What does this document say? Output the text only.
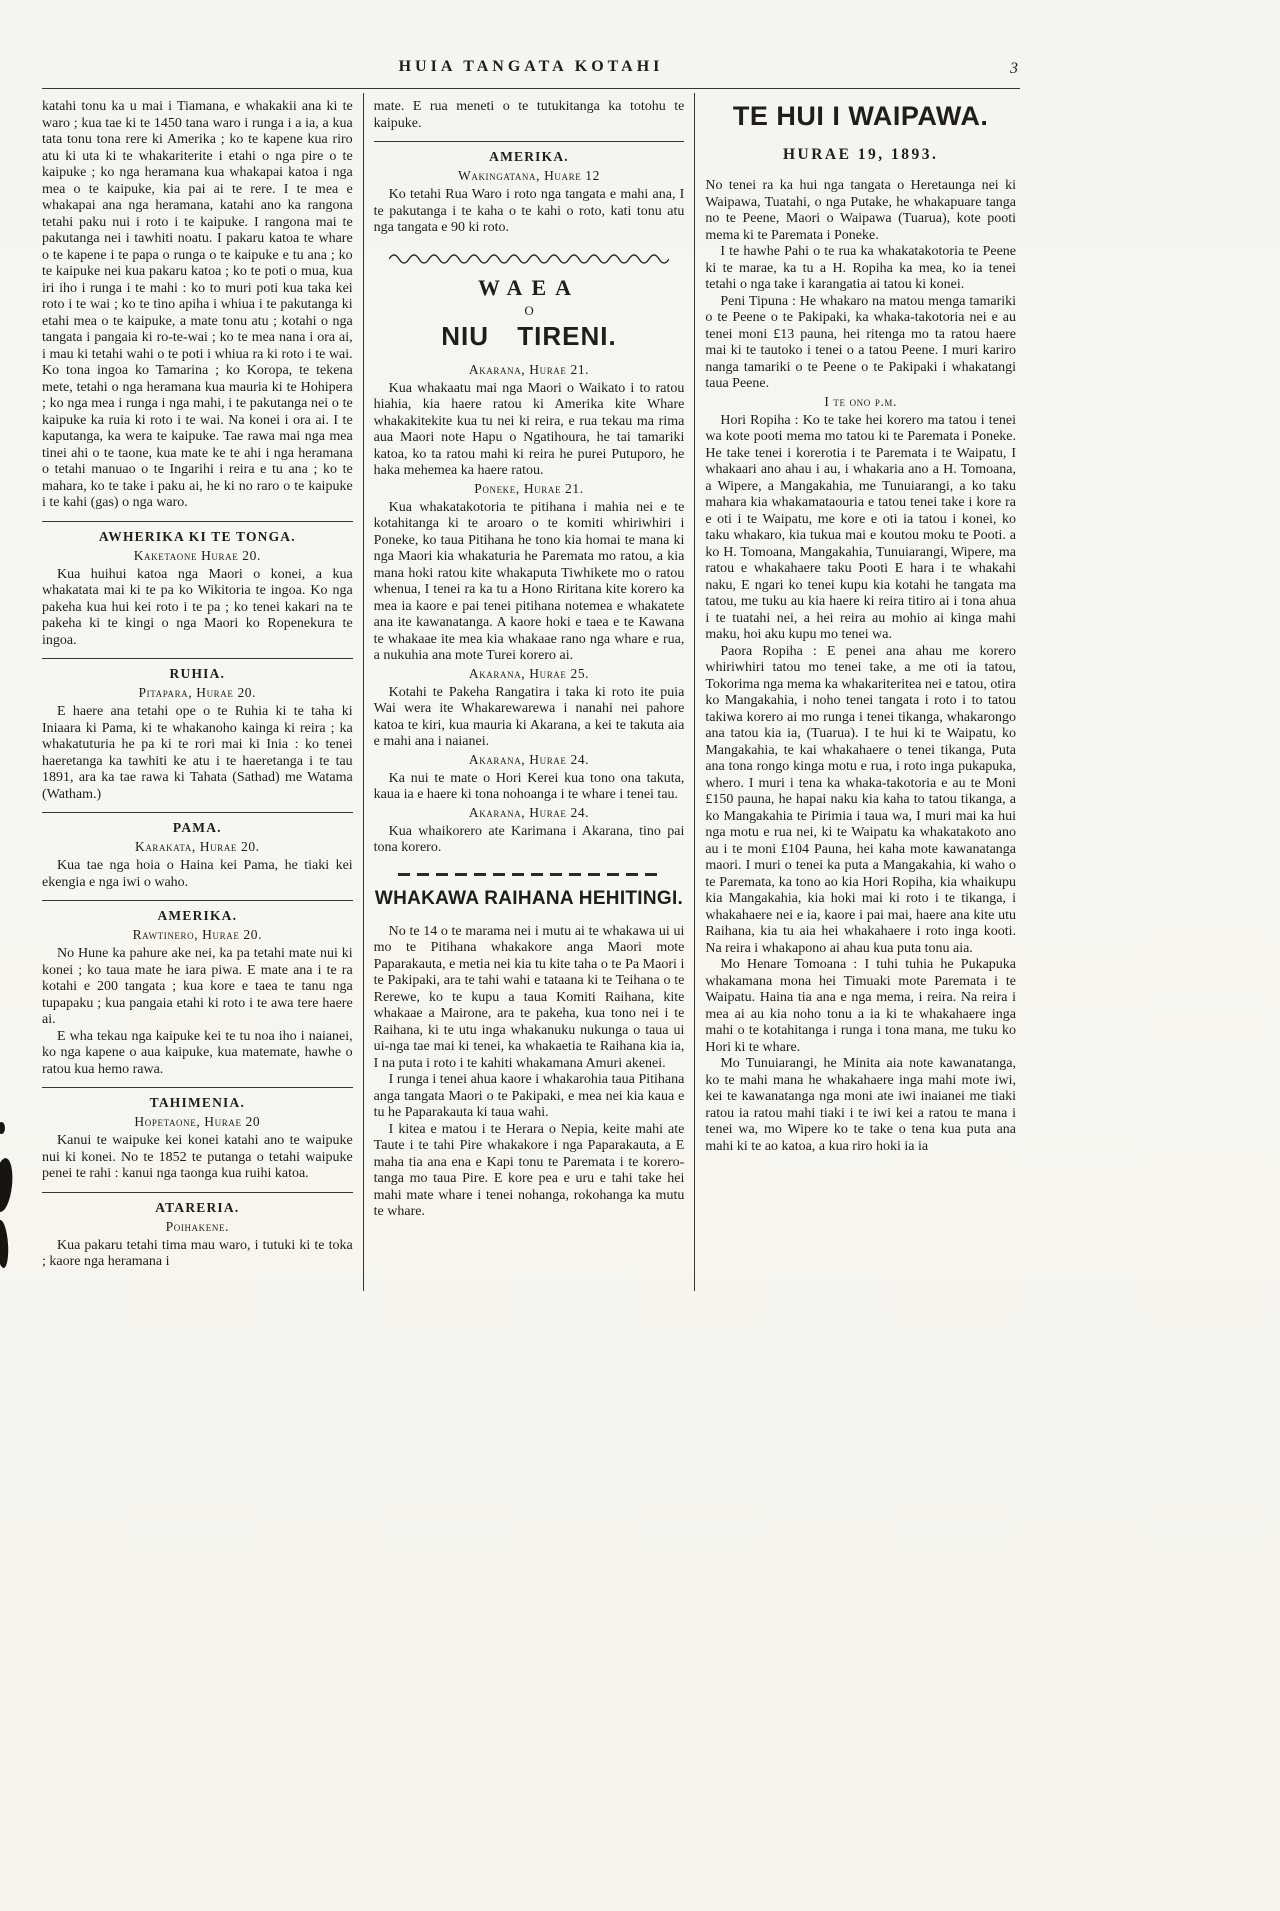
HUIA TANGATA KOTAHI	3

katahi tonu ka u mai i Tiamana, e whakakii ana ki te waro ; kua tae ki te 1450 tana waro i runga i a ia, a kua tata tonu tona rere ki Amerika ; ko te kapene kua riro atu ki uta ki te whakariterite i etahi o nga pire o te kaipuke ; ko nga heramana kua whakapai katoa i nga mea o te kaipuke, kia pai ai te rere. I te mea e whakapai ana nga heramana, katahi ano ka rangona tetahi paku nui i roto i te kaipuke. I rangona mai te pakutanga nei i tawhiti noatu. I pakaru katoa te whare o te kapene i te papa o runga o te kaipuke e tu ana ; ko te kaipuke nei kua pakaru katoa ; ko te poti o mua, kua iri iho i runga i te mahi : ko to muri poti kua taka kei roto i te wai ; ko te tino apiha i whiua i te pakutanga ki etahi mea o te kaipuke, a mate tonu atu ; kotahi o nga tangata i pangaia ki ro-te-wai ; ko te mea nana i ora ai, i mau ki tetahi wahi o te poti i whiua ra ki roto i te wai. Ko tona ingoa ko Tamarina ; ko Koropa, te tekena mete, tetahi o nga heramana kua mauria ki te Hohipera ; ko nga mea i runga i nga mahi, i te pakutanga nei o te kaipuke ka ruia ki roto i te wai. Na konei i ora ai. I te kaputanga, ka wera te kaipuke. Tae rawa mai nga mea tinei ahi o te taone, kua mate ke te ahi i nga heramana o tetahi manuao o te Ingarihi i reira e tu ana ; ko te mahara, ko te take i paku ai, he ki no raro o te kaipuke i te kahi (gas) o nga waro.

AWHERIKA KI TE TONGA.
Kaketaone Hurae 20.

Kua huihui katoa nga Maori o konei, a kua whakatata mai ki te pa ko Wikitoria te ingoa. Ko nga pakeha kua hui kei roto i te pa ; ko tenei kakari na te pakeha ki te kingi o nga Maori ko Ropenekura te ingoa.

RUHIA.
Pitapara, Hurae 20.

E haere ana tetahi ope o te Ruhia ki te taha ki Iniaara ki Pama, ki te whakanoho kainga ki reira ; ka whakatuturia he pa ki te rori mai ki Inia : ko tenei haeretanga ka tawhiti ke atu i te haeretanga i te tau 1891, ara ka tae rawa ki Tahata (Sathad) me Watama (Watham.)

PAMA.
Karakata, Hurae 20.

Kua tae nga hoia o Haina kei Pama, he tiaki kei ekengia e nga iwi o waho.

AMERIKA.
Rawtinero, Hurae 20.

No Hune ka pahure ake nei, ka pa tetahi mate nui ki konei ; ko taua mate he iara piwa. E mate ana i te ra kotahi e 200 tangata ; kua kore e taea te tanu nga tupapaku ; kua pangaia etahi ki roto i te awa tere haere ai.

E wha tekau nga kaipuke kei te tu noa iho i naianei, ko nga kapene o aua kaipuke, kua matemate, hawhe o ratou kua hemo rawa.

TAHIMENIA.
Hopetaone, Hurae 20

Kanui te waipuke kei konei katahi ano te waipuke nui ki konei. No te 1852 te putanga o tetahi waipuke penei te rahi : kanui nga taonga kua ruihi katoa.

ATARERIA.
Poihakene.

Kua pakaru tetahi tima mau waro, i tutuki ki te toka ; kaore nga heramana i

mate. E rua meneti o te tutukitanga ka totohu te kaipuke.

AMERIKA.
Wakingatana, Huare 12

Ko tetahi Rua Waro i roto nga tangata e mahi ana, I te pakutanga i te kaha o te kahi o roto, kati tonu atu nga tangata e 90 ki roto.

WAEA
O
NIU TIRENI.
Akarana, Hurae 21.

Kua whakaatu mai nga Maori o Waikato i to ratou hiahia, kia haere ratou ki Amerika kite Whare whakakitekite kua tu nei ki reira, e rua tekau ma rima aua Maori note Hapu o Ngatihoura, he tai tamariki katoa, ko ta ratou mahi ki reira he purei Putuporo, he haka mehemea ka haere ratou.

Poneke, Hurae 21.

Kua whakatakotoria te pitihana i mahia nei e te kotahitanga ki te aroaro o te komiti whiriwhiri i Poneke, ko taua Pitihana he tono kia homai te mana ki nga Maori kia whakaturia he Paremata mo ratou, a kia mana hoki ratou kite whakaputa Tiwhikete mo o ratou whenua, I tenei ra ka tu a Hono Riritana kite korero ka mea ia kaore e pai tenei pitihana notemea e whakatete ana ite kawanatanga. A kaore hoki e taea e te Kawana te whakaae ite mea kia whakaae rano nga whare e rua, a nukuhia ana mote Turei korero ai.

Akarana, Hurae 25.

Kotahi te Pakeha Rangatira i taka ki roto ite puia Wai wera ite Whakarewarewa i nanahi nei pahore katoa te kiri, kua mauria ki Akarana, a kei te takuta aia e mahi ana i naianei.

Akarana, Hurae 24.

Ka nui te mate o Hori Kerei kua tono ona takuta, kaua ia e haere ki tona nohoanga i te whare i tenei tau.

Akarana, Hurae 24.

Kua whaikorero ate Karimana i Akarana, tino pai tona korero.

WHAKAWA RAIHANA HEHITINGI.

No te 14 o te marama nei i mutu ai te whakawa ui ui mo te Pitihana whakakore anga Maori mote Paparakauta, e metia nei kia tu kite taha o te Pa Maori i te Pakipaki, ara te tahi wahi e tataana ki te Teihana o te Rerewe, ko te kupu a taua Komiti Raihana, kite whakaae a Mairone, ara te pakeha, kua tono nei i te Raihana, ki te utu inga whakanuku nukunga o taua ui ui-nga tae mai ki tenei, ka whakaetia te Raihana kia ia, I na puta i roto i te kahiti whakamana Amuri akenei.

I runga i tenei ahua kaore i whakarohia taua Pitihana anga tangata Maori o te Pakipaki, e mea nei kia kaua e tu he Paparakauta ki taua wahi.

I kitea e matou i te Herara o Nepia, keite mahi ate Taute i te tahi Pire whakakore i nga Paparakauta, a E maha tia ana ena e Kapi tonu te Paremata i te korero-tanga mo taua Pire. E kore pea e uru e tahi take hei mahi mate whare i tenei nohanga, rokohanga ka mutu te whare.

TE HUI I WAIPAWA.
HURAE 19, 1893.

No tenei ra ka hui nga tangata o Heretaunga nei ki Waipawa, Tuatahi, o nga Putake, he whakapuare tanga no te Peene, Maori o Waipawa (Tuarua), kote pooti mema ki te Paremata i Poneke.

I te hawhe Pahi o te rua ka whakatakotoria te Peene ki te marae, ka tu a H. Ropiha ka mea, ko ia tenei tetahi o nga take i karangatia ai tatou ki konei.

Peni Tipuna : He whakaro na matou menga tamariki o te Peene o te Pakipaki, ka whaka-takotoria nei e au tenei moni £13 pauna, hei ritenga mo ta ratou haere mai ki te tautoko i tenei o a tatou Peene. I muri kariro nanga tamariki o te Peene o te Pakipaki i whakatangi taua Peene.

I te ono p.m.

Hori Ropiha : Ko te take hei korero ma tatou i tenei wa kote pooti mema mo tatou ki te Paremata i Poneke. He take tenei i korerotia i te Paremata i te Waipatu, I whakaari ano ahau i au, i whakaria ano a H. Tomoana, a Wipere, a Mangakahia, me Tunuiarangi, a ko taku mahara kia whakamataouria e tatou tenei take i kore ra e oti i te Waipatu, me kore e oti ia tatou i konei, ko taku whakaro, kia tukua mai e koutou moku te Pooti. a ko H. Tomoana, Mangakahia, Tunuiarangi, Wipere, ma ratou e whakahaere taku Pooti E hara i te whakahi naku, E ngari ko tenei kupu kia kotahi he tangata ma tatou, me tuku au kia haere ki reira titiro ai i tona ahua i te tuatahi nei, a hei reira au mohio ai kinga mahi maku, hoi aku kupu mo tenei wa.

Paora Ropiha : E penei ana ahau me korero whiriwhiri tatou mo tenei take, a me oti ia tatou, Tokorima nga mema ka whakariteritea nei e tatou, otira ko Mangakahia, i noho tenei tangata i roto i to tatou takiwa korero ai mo runga i tenei tikanga, whakarongo ana tatou kia ia, (Tuarua). I te hui ki te Waipatu, ko Mangakahia, te kai whakahaere o tenei tikanga, Puta ana tona rongo kinga motu e rua, i roto inga pukapuka, whero. I muri i tena ka whaka-takotoria e au te Moni £150 pauna, he hapai naku kia kaha to tatou tikanga, a ko Mangakahia te Pirimia i taua wa, I muri mai ka hui nga motu e rua nei, ki te Waipatu ka whakatakoto ano au i te moni £104 Pauna, hei kaha mote kawanatanga maori. I muri o tenei ka puta a Mangakahia, ki waho o te Paremata, ka tono ao kia Hori Ropiha, kia whaikupu kia Mangakahia, kia hoki mai ki roto i te tikanga, i whakahaere nei e ia, kaore i pai mai, haere ana kite utu Raihana, kia tu aia hei whakahaere i roto inga kooti. Na reira i whakapono ai ahau kua puta tonu aia.

Mo Henare Tomoana : I tuhi tuhia he Pukapuka whakamana mona hei Timuaki mote Paremata i te Waipatu. Haina tia ana e nga mema, i reira. Na reira i mea ai au kia noho tonu a ia ki te whakahaere inga mahi o te kotahitanga i runga i tona mana, me tuku ko Hori ki te whare.

Mo Tunuiarangi, he Minita aia note kawanatanga, ko te mahi mana he whakahaere inga mahi mote iwi, kei te kawanatanga nga moni ate iwi inaianei me tiaki ratou ia ratou mahi tiaki i te iwi kei a ratou te mana i tenei wa, mo Wipere ko te take o tena kua puta ana mahi ki te ao katoa, a kua riro hoki ia ia
